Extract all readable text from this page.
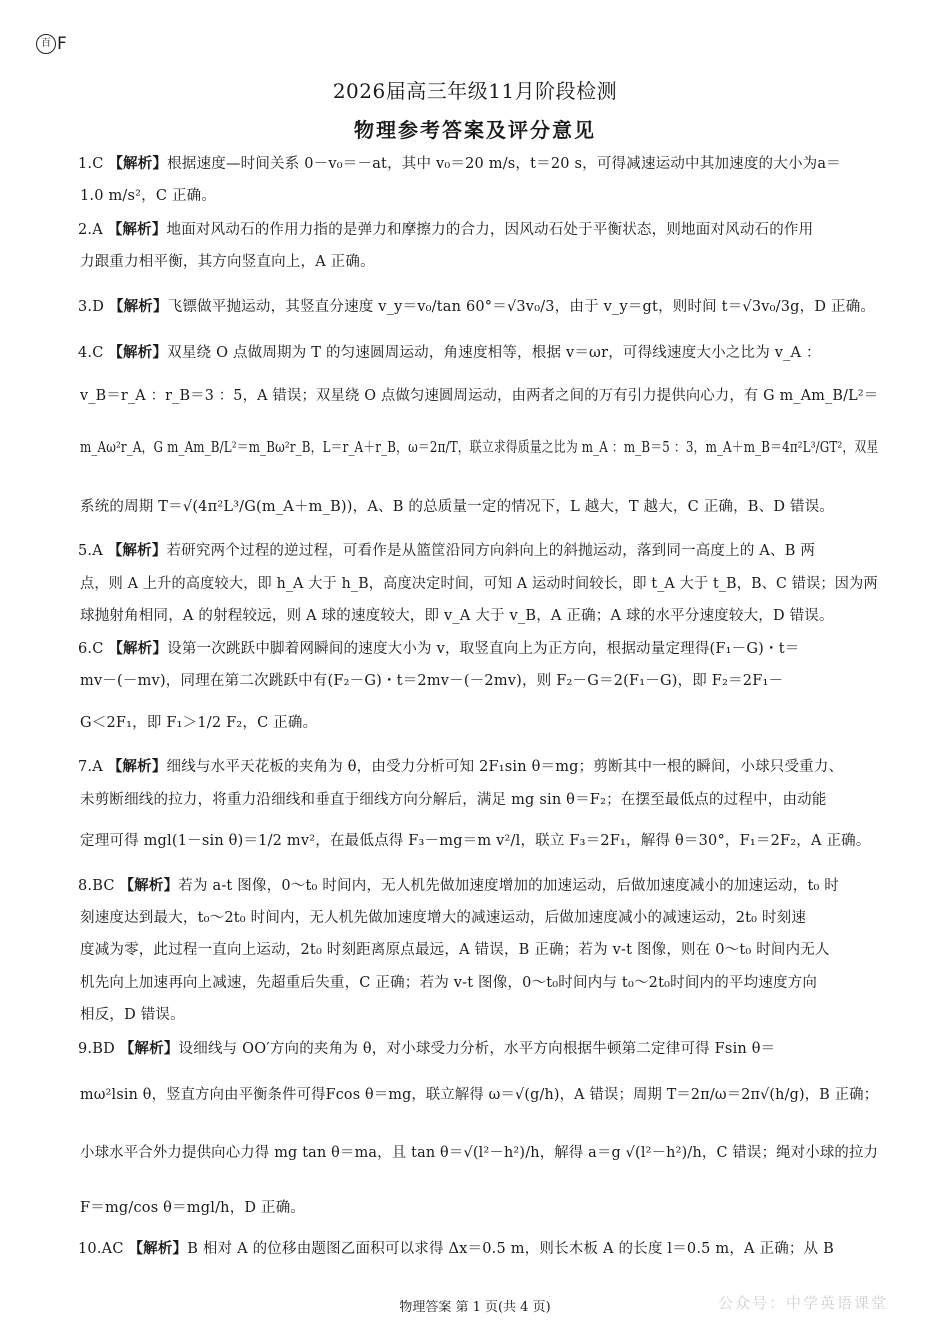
百 F
2026届高三年级11月阶段检测
物理参考答案及评分意见
1.C 【解析】根据速度—时间关系 0－v₀＝－at，其中 v₀＝20 m/s，t＝20 s，可得减速运动中其加速度的大小为a＝
1.0 m/s²，C 正确。
2.A 【解析】地面对风动石的作用力指的是弹力和摩擦力的合力，因风动石处于平衡状态，则地面对风动石的作用
力跟重力相平衡，其方向竖直向上，A 正确。
3.D 【解析】飞镖做平抛运动，其竖直分速度 v_y＝v₀/tan 60°＝√3v₀/3，由于 v_y＝gt，则时间 t＝√3v₀/3g，D 正确。
4.C 【解析】双星绕 O 点做周期为 T 的匀速圆周运动，角速度相等，根据 v＝ωr，可得线速度大小之比为 v_A ：
v_B＝r_A ：r_B＝3 ：5，A 错误；双星绕 O 点做匀速圆周运动，由两者之间的万有引力提供向心力，有 G m_Am_B/L²＝
m_Aω²r_A，G m_Am_B/L²＝m_Bω²r_B，L＝r_A＋r_B，ω＝2π/T，联立求得质量之比为 m_A ：m_B＝5 ：3，m_A＋m_B＝4π²L³/GT²，双星
系统的周期 T＝√(4π²L³/G(m_A＋m_B))，A、B 的总质量一定的情况下，L 越大，T 越大，C 正确，B、D 错误。
5.A 【解析】若研究两个过程的逆过程，可看作是从篮筐沿同方向斜向上的斜抛运动，落到同一高度上的 A、B 两
点，则 A 上升的高度较大，即 h_A 大于 h_B，高度决定时间，可知 A 运动时间较长，即 t_A 大于 t_B，B、C 错误；因为两
球抛射角相同，A 的射程较远，则 A 球的速度较大，即 v_A 大于 v_B，A 正确；A 球的水平分速度较大，D 错误。
6.C 【解析】设第一次跳跃中脚着网瞬间的速度大小为 v，取竖直向上为正方向，根据动量定理得(F₁－G)・t＝
mv－(－mv)，同理在第二次跳跃中有(F₂－G)・t＝2mv－(－2mv)，则 F₂－G＝2(F₁－G)，即 F₂＝2F₁－
G＜2F₁，即 F₁＞1/2 F₂，C 正确。
7.A 【解析】细线与水平天花板的夹角为 θ，由受力分析可知 2F₁sin θ＝mg；剪断其中一根的瞬间，小球只受重力、
未剪断细线的拉力，将重力沿细线和垂直于细线方向分解后，满足 mg sin θ＝F₂；在摆至最低点的过程中，由动能
定理可得 mgl(1－sin θ)＝1/2 mv²，在最低点得 F₃－mg＝m v²/l，联立 F₃＝2F₁，解得 θ＝30°，F₁＝2F₂，A 正确。
8.BC 【解析】若为 a-t 图像，0～t₀ 时间内，无人机先做加速度增加的加速运动，后做加速度减小的加速运动，t₀ 时
刻速度达到最大，t₀～2t₀ 时间内，无人机先做加速度增大的减速运动，后做加速度减小的减速运动，2t₀ 时刻速
度减为零，此过程一直向上运动，2t₀ 时刻距离原点最远，A 错误，B 正确；若为 v-t 图像，则在 0～t₀ 时间内无人
机先向上加速再向上减速，先超重后失重，C 正确；若为 v-t 图像，0～t₀时间内与 t₀～2t₀时间内的平均速度方向
相反，D 错误。
9.BD 【解析】设细线与 OO′方向的夹角为 θ，对小球受力分析，水平方向根据牛顿第二定律可得 Fsin θ＝
mω²lsin θ，竖直方向由平衡条件可得Fcos θ＝mg，联立解得 ω＝√(g/h)，A 错误；周期 T＝2π/ω＝2π√(h/g)，B 正确；
小球水平合外力提供向心力得 mg tan θ＝ma，且 tan θ＝√(l²－h²)/h，解得 a＝g √(l²－h²)/h，C 错误；绳对小球的拉力
F＝mg/cos θ＝mgl/h，D 正确。
10.AC 【解析】B 相对 A 的位移由题图乙面积可以求得 Δx＝0.5 m，则长木板 A 的长度 l＝0.5 m，A 正确；从 B
物理答案 第 1 页(共 4 页)	公众号：中学英语课堂
